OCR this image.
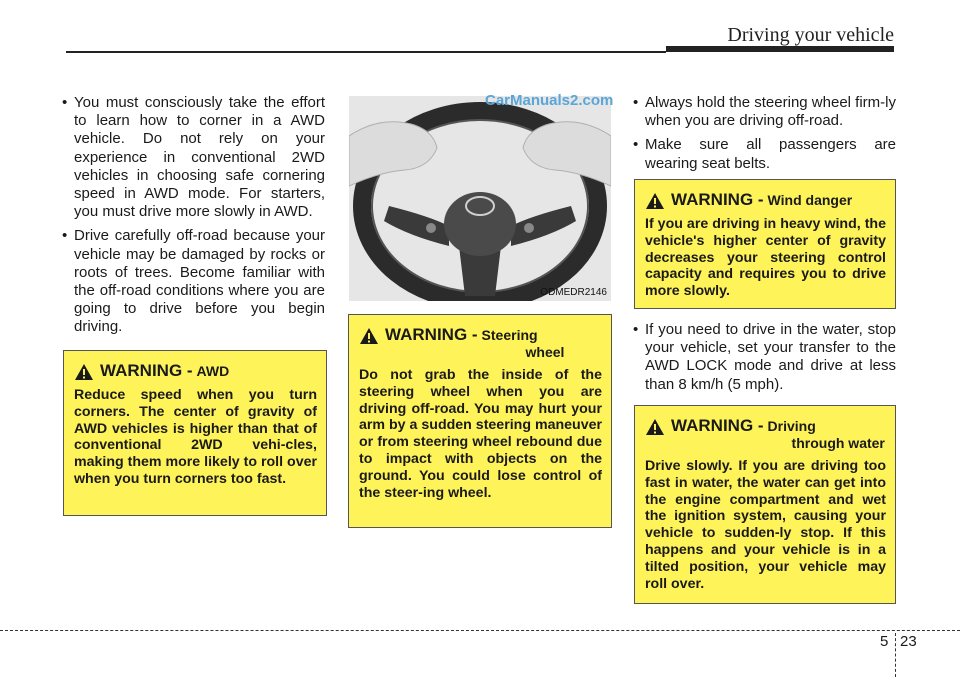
Driving your vehicle
• You must consciously take the effort to learn how to corner in a AWD vehicle. Do not rely on your experience in conventional 2WD vehicles in choosing safe cornering speed in AWD mode. For starters, you must drive more slowly in AWD.
• Drive carefully off-road because your vehicle may be damaged by rocks or roots of trees. Become familiar with the off-road conditions where you are going to drive before you begin driving.
WARNING - AWD
Reduce speed when you turn corners. The center of gravity of AWD vehicles is higher than that of conventional 2WD vehi-cles, making them more likely to roll over when you turn corners too fast.
ODMEDR2146
CarManuals2.com
WARNING - Steering
wheel
Do not grab the inside of the steering wheel when you are driving off-road. You may hurt your arm by a sudden steering maneuver or from steering wheel rebound due to impact with objects on the ground. You could lose control of the steer-ing wheel.
• Always hold the steering wheel firm-ly when you are driving off-road.
• Make sure all passengers are wearing seat belts.
WARNING - Wind danger
If you are driving in heavy wind, the vehicle's higher center of gravity decreases your steering control capacity and requires you to drive more slowly.
• If you need to drive in the water, stop your vehicle, set your transfer to the AWD LOCK mode and drive at less than 8 km/h (5 mph).
WARNING - Driving
through water
Drive slowly. If you are driving too fast in water, the water can get into the engine compartment and wet the ignition system, causing your vehicle to sudden-ly stop. If this happens and your vehicle is in a tilted position, your vehicle may roll over.
5 23
